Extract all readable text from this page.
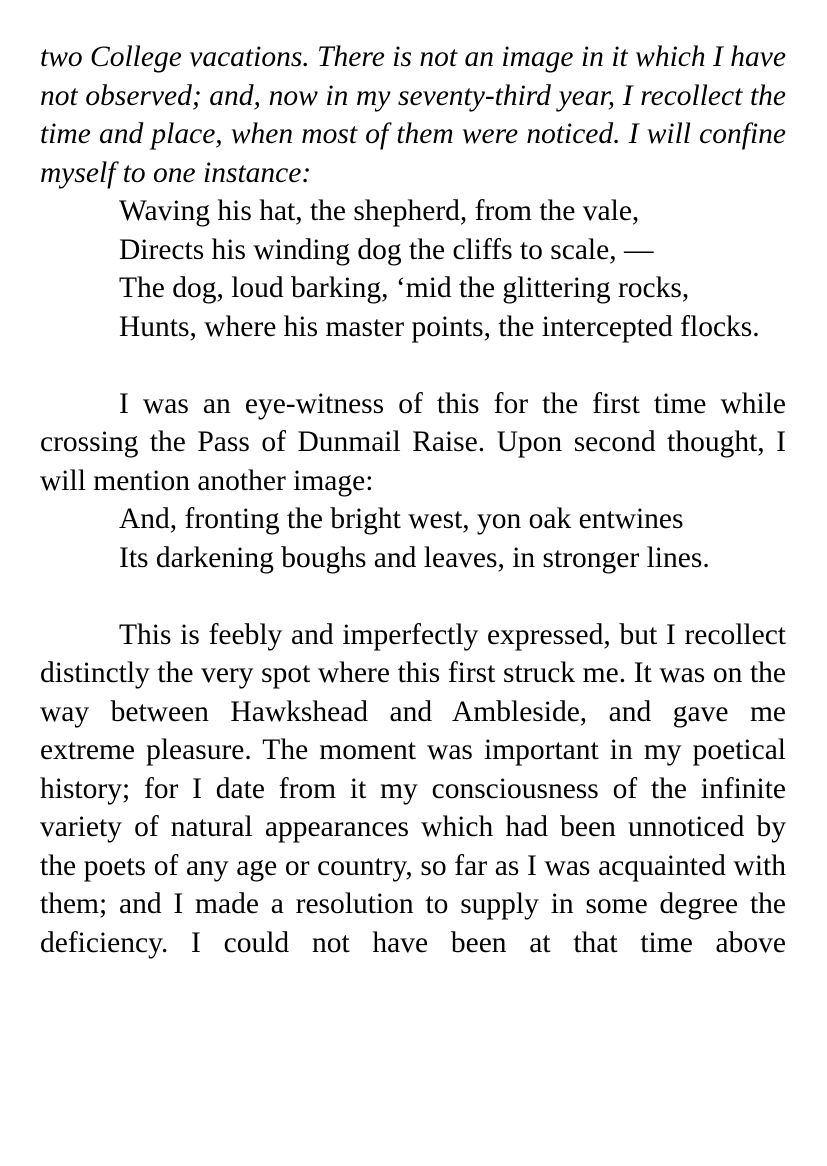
two College vacations. There is not an image in it which I have not observed; and, now in my seventy-third year, I recollect the time and place, when most of them were noticed. I will confine myself to one instance:

Waving his hat, the shepherd, from the vale,
Directs his winding dog the cliffs to scale, —
The dog, loud barking, ‘mid the glittering rocks,
Hunts, where his master points, the intercepted flocks.

I was an eye-witness of this for the first time while crossing the Pass of Dunmail Raise. Upon second thought, I will mention another image:

And, fronting the bright west, yon oak entwines
Its darkening boughs and leaves, in stronger lines.

This is feebly and imperfectly expressed, but I recollect distinctly the very spot where this first struck me. It was on the way between Hawkshead and Ambleside, and gave me extreme pleasure. The moment was important in my poetical history; for I date from it my consciousness of the infinite variety of natural appearances which had been unnoticed by the poets of any age or country, so far as I was acquainted with them; and I made a resolution to supply in some degree the deficiency. I could not have been at that time above
